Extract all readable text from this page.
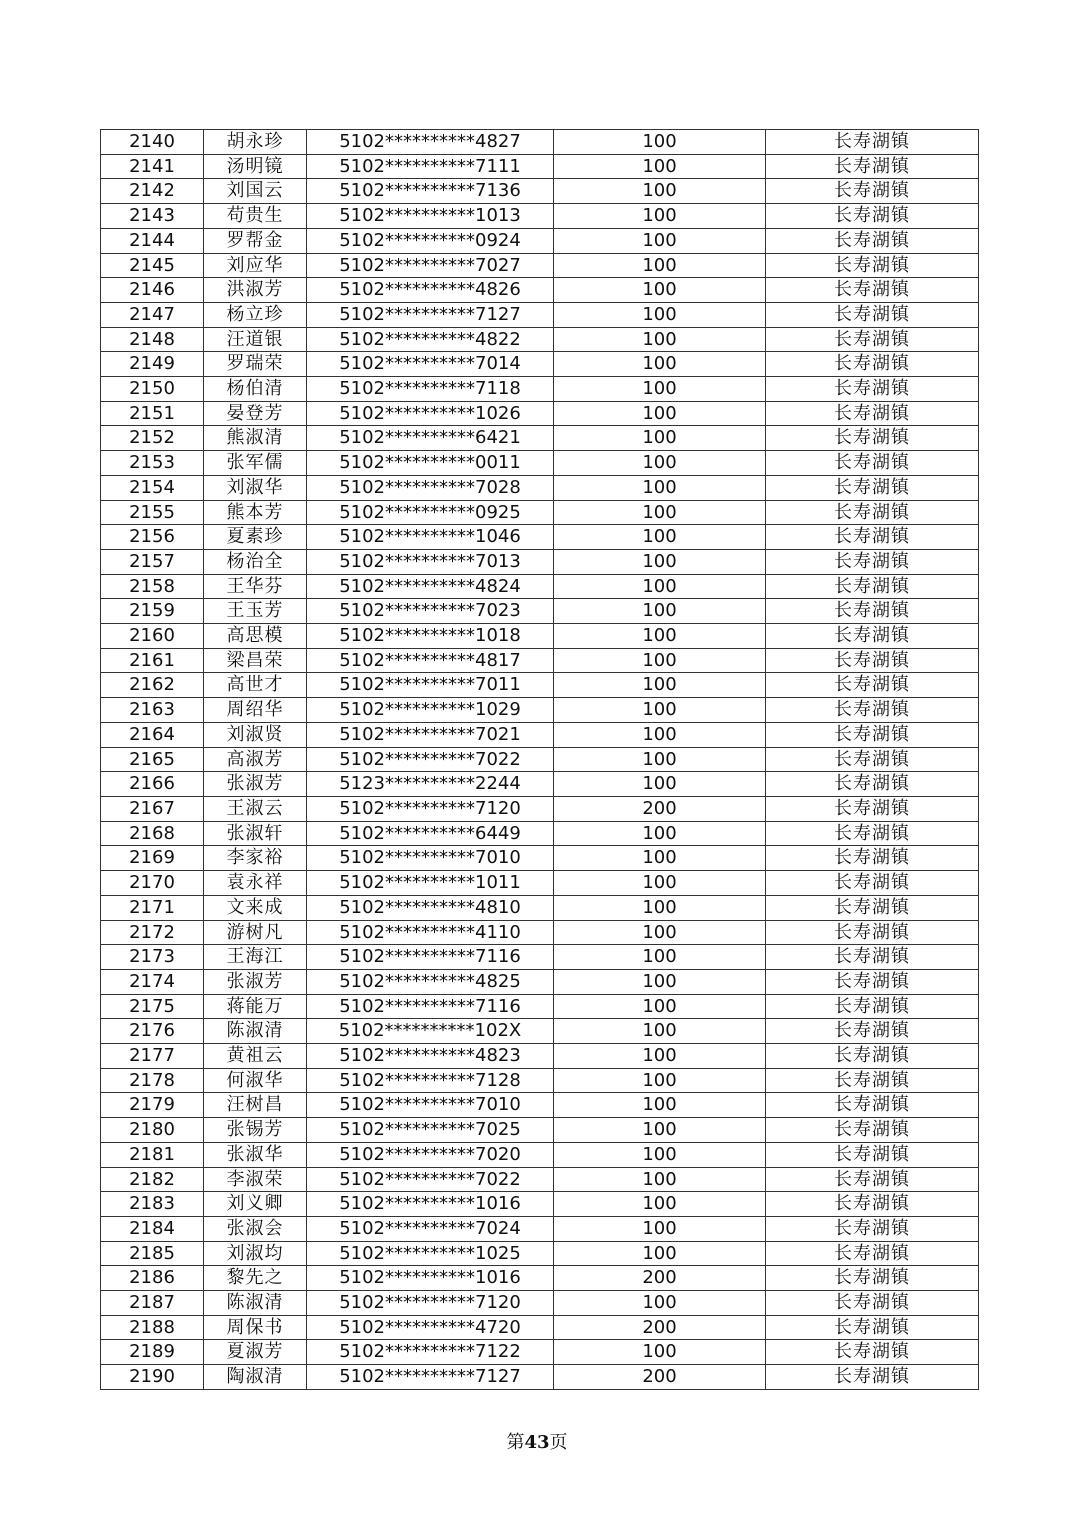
2140	胡永珍	5102**********4827	100	长寿湖镇
2141	汤明镜	5102**********7111	100	长寿湖镇
2142	刘国云	5102**********7136	100	长寿湖镇
2143	苟贵生	5102**********1013	100	长寿湖镇
2144	罗帮金	5102**********0924	100	长寿湖镇
2145	刘应华	5102**********7027	100	长寿湖镇
2146	洪淑芳	5102**********4826	100	长寿湖镇
2147	杨立珍	5102**********7127	100	长寿湖镇
2148	汪道银	5102**********4822	100	长寿湖镇
2149	罗瑞荣	5102**********7014	100	长寿湖镇
2150	杨伯清	5102**********7118	100	长寿湖镇
2151	晏登芳	5102**********1026	100	长寿湖镇
2152	熊淑清	5102**********6421	100	长寿湖镇
2153	张军儒	5102**********0011	100	长寿湖镇
2154	刘淑华	5102**********7028	100	长寿湖镇
2155	熊本芳	5102**********0925	100	长寿湖镇
2156	夏素珍	5102**********1046	100	长寿湖镇
2157	杨治全	5102**********7013	100	长寿湖镇
2158	王华芬	5102**********4824	100	长寿湖镇
2159	王玉芳	5102**********7023	100	长寿湖镇
2160	高思模	5102**********1018	100	长寿湖镇
2161	梁昌荣	5102**********4817	100	长寿湖镇
2162	高世才	5102**********7011	100	长寿湖镇
2163	周绍华	5102**********1029	100	长寿湖镇
2164	刘淑贤	5102**********7021	100	长寿湖镇
2165	高淑芳	5102**********7022	100	长寿湖镇
2166	张淑芳	5123**********2244	100	长寿湖镇
2167	王淑云	5102**********7120	200	长寿湖镇
2168	张淑轩	5102**********6449	100	长寿湖镇
2169	李家裕	5102**********7010	100	长寿湖镇
2170	袁永祥	5102**********1011	100	长寿湖镇
2171	文来成	5102**********4810	100	长寿湖镇
2172	游树凡	5102**********4110	100	长寿湖镇
2173	王海江	5102**********7116	100	长寿湖镇
2174	张淑芳	5102**********4825	100	长寿湖镇
2175	蒋能万	5102**********7116	100	长寿湖镇
2176	陈淑清	5102**********102X	100	长寿湖镇
2177	黄祖云	5102**********4823	100	长寿湖镇
2178	何淑华	5102**********7128	100	长寿湖镇
2179	汪树昌	5102**********7010	100	长寿湖镇
2180	张锡芳	5102**********7025	100	长寿湖镇
2181	张淑华	5102**********7020	100	长寿湖镇
2182	李淑荣	5102**********7022	100	长寿湖镇
2183	刘义卿	5102**********1016	100	长寿湖镇
2184	张淑会	5102**********7024	100	长寿湖镇
2185	刘淑均	5102**********1025	100	长寿湖镇
2186	黎先之	5102**********1016	200	长寿湖镇
2187	陈淑清	5102**********7120	100	长寿湖镇
2188	周保书	5102**********4720	200	长寿湖镇
2189	夏淑芳	5102**********7122	100	长寿湖镇
2190	陶淑清	5102**********7127	200	长寿湖镇
第43页
